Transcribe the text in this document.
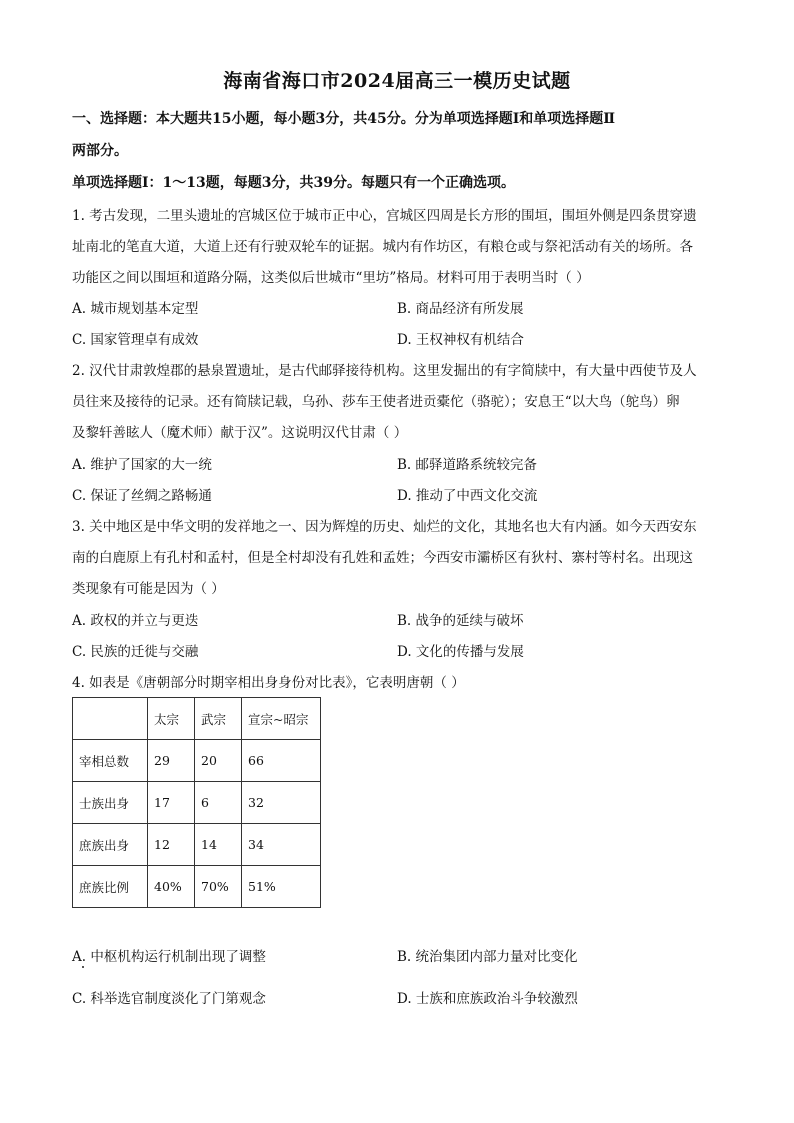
海南省海口市2024届高三一模历史试题
一、选择题：本大题共15小题，每小题3分，共45分。分为单项选择题Ⅰ和单项选择题Ⅱ
两部分。
单项选择题Ⅰ：1～13题，每题3分，共39分。每题只有一个正确选项。
1. 考古发现，二里头遗址的宫城区位于城市正中心，宫城区四周是长方形的围垣，围垣外侧是四条贯穿遗
址南北的笔直大道，大道上还有行驶双轮车的证据。城内有作坊区，有粮仓或与祭祀活动有关的场所。各
功能区之间以围垣和道路分隔，这类似后世城市“里坊”格局。材料可用于表明当时（ ）
A. 城市规划基本定型	B. 商品经济有所发展
C. 国家管理卓有成效	D. 王权神权有机结合
2. 汉代甘肃敦煌郡的悬泉置遗址，是古代邮驿接待机构。这里发掘出的有字简牍中，有大量中西使节及人
员往来及接待的记录。还有简牍记载，乌孙、莎车王使者进贡橐佗（骆驼）；安息王“以大鸟（鸵鸟）卵
及黎轩善眩人（魔术师）献于汉”。这说明汉代甘肃（ ）
A. 维护了国家的大一统	B. 邮驿道路系统较完备
C. 保证了丝绸之路畅通	D. 推动了中西文化交流
3. 关中地区是中华文明的发祥地之一、因为辉煌的历史、灿烂的文化，其地名也大有内涵。如今天西安东
南的白鹿原上有孔村和孟村，但是全村却没有孔姓和孟姓；今西安市灞桥区有狄村、寨村等村名。出现这
类现象有可能是因为（ ）
A. 政权的并立与更迭	B. 战争的延续与破坏
C. 民族的迁徙与交融	D. 文化的传播与发展
4. 如表是《唐朝部分时期宰相出身身份对比表》，它表明唐朝（ ）
	太宗	武宗	宣宗~昭宗
宰相总数	29	20	66
士族出身	17	6	32
庶族出身	12	14	34
庶族比例	40%	70%	51%
A. 中枢机构运行机制出现了调整	B. 统治集团内部力量对比变化
C. 科举选官制度淡化了门第观念	D. 士族和庶族政治斗争较激烈
